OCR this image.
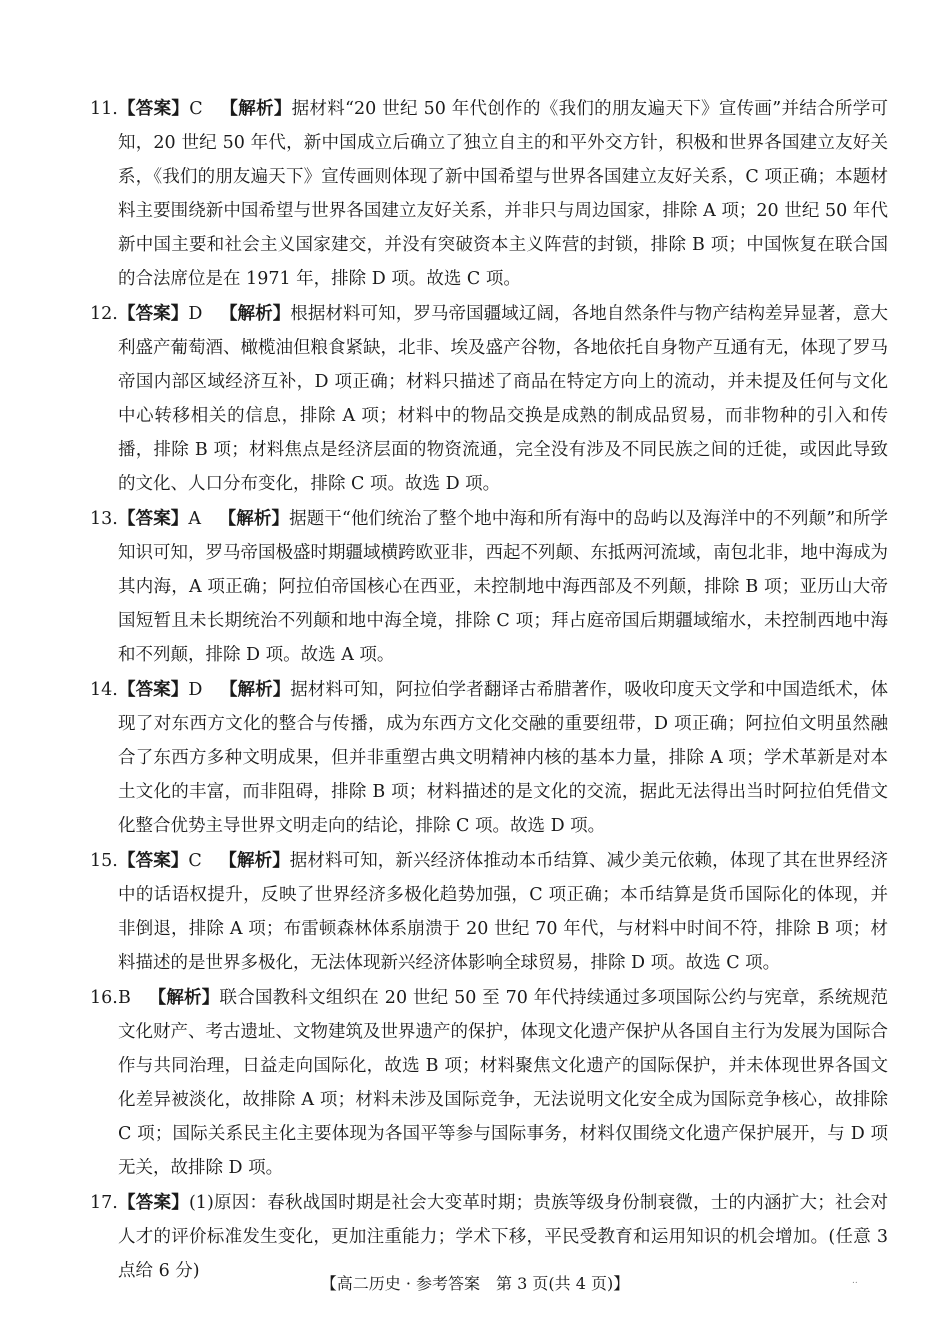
11. 【答案】C  【解析】据材料“20 世纪 50 年代创作的《我们的朋友遍天下》宣传画”并结合所学可知，20 世纪 50 年代，新中国成立后确立了独立自主的和平外交方针，积极和世界各国建立友好关系，《我们的朋友遍天下》宣传画则体现了新中国希望与世界各国建立友好关系，C 项正确；本题材料主要围绕新中国希望与世界各国建立友好关系，并非只与周边国家，排除 A 项；20 世纪 50 年代新中国主要和社会主义国家建交，并没有突破资本主义阵营的封锁，排除 B 项；中国恢复在联合国的合法席位是在 1971 年，排除 D 项。故选 C 项。
12. 【答案】D  【解析】根据材料可知，罗马帝国疆域辽阔，各地自然条件与物产结构差异显著，意大利盛产葡萄酒、橄榄油但粮食紧缺，北非、埃及盛产谷物，各地依托自身物产互通有无，体现了罗马帝国内部区域经济互补，D 项正确；材料只描述了商品在特定方向上的流动，并未提及任何与文化中心转移相关的信息，排除 A 项；材料中的物品交换是成熟的制成品贸易，而非物种的引入和传播，排除 B 项；材料焦点是经济层面的物资流通，完全没有涉及不同民族之间的迁徙，或因此导致的文化、人口分布变化，排除 C 项。故选 D 项。
13. 【答案】A  【解析】据题干“他们统治了整个地中海和所有海中的岛屿以及海洋中的不列颠”和所学知识可知，罗马帝国极盛时期疆域横跨欧亚非，西起不列颠、东抵两河流域，南包北非，地中海成为其内海，A 项正确；阿拉伯帝国核心在西亚，未控制地中海西部及不列颠，排除 B 项；亚历山大帝国短暂且未长期统治不列颠和地中海全境，排除 C 项；拜占庭帝国后期疆域缩水，未控制西地中海和不列颠，排除 D 项。故选 A 项。
14. 【答案】D  【解析】据材料可知，阿拉伯学者翻译古希腊著作，吸收印度天文学和中国造纸术，体现了对东西方文化的整合与传播，成为东西方文化交融的重要纽带，D 项正确；阿拉伯文明虽然融合了东西方多种文明成果，但并非重塑古典文明精神内核的基本力量，排除 A 项；学术革新是对本土文化的丰富，而非阻碍，排除 B 项；材料描述的是文化的交流，据此无法得出当时阿拉伯凭借文化整合优势主导世界文明走向的结论，排除 C 项。故选 D 项。
15. 【答案】C  【解析】据材料可知，新兴经济体推动本币结算、减少美元依赖，体现了其在世界经济中的话语权提升，反映了世界经济多极化趋势加强，C 项正确；本币结算是货币国际化的体现，并非倒退，排除 A 项；布雷顿森林体系崩溃于 20 世纪 70 年代，与材料中时间不符，排除 B 项；材料描述的是世界多极化，无法体现新兴经济体影响全球贸易，排除 D 项。故选 C 项。
16. B  【解析】联合国教科文组织在 20 世纪 50 至 70 年代持续通过多项国际公约与宪章，系统规范文化财产、考古遗址、文物建筑及世界遗产的保护，体现文化遗产保护从各国自主行为发展为国际合作与共同治理，日益走向国际化，故选 B 项；材料聚焦文化遗产的国际保护，并未体现世界各国文化差异被淡化，故排除 A 项；材料未涉及国际竞争，无法说明文化安全成为国际竞争核心，故排除 C 项；国际关系民主化主要体现为各国平等参与国际事务，材料仅围绕文化遗产保护展开，与 D 项无关，故排除 D 项。
17. 【答案】(1)原因：春秋战国时期是社会大变革时期；贵族等级身份制衰微，士的内涵扩大；社会对人才的评价标准发生变化，更加注重能力；学术下移，平民受教育和运用知识的机会增加。(任意 3 点给 6 分)
【高二历史 · 参考答案　第 3 页(共 4 页)】	..
